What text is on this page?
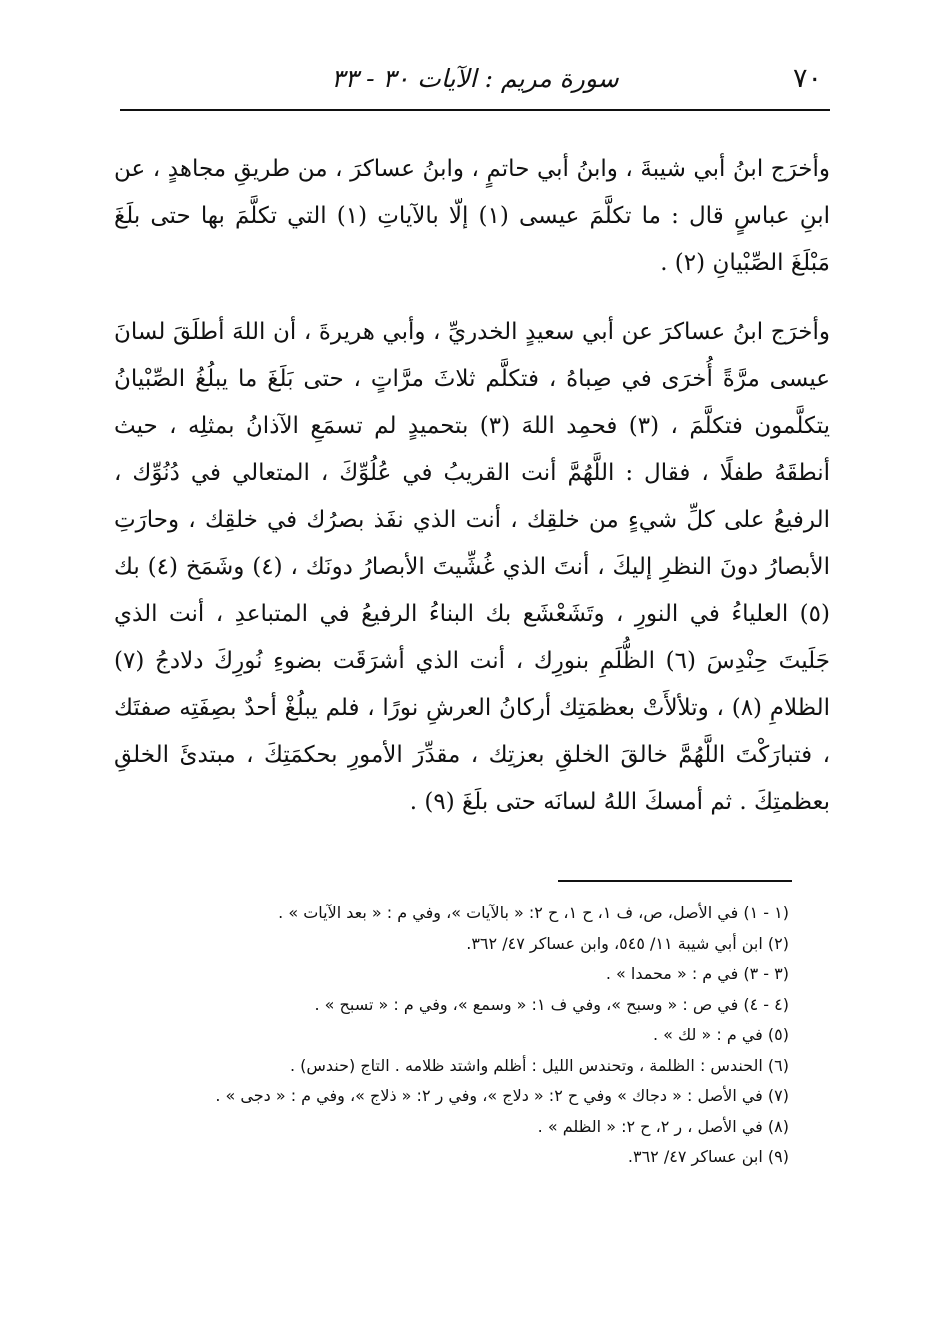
٧٠
سورة مريم : الآيات ٣٠ - ٣٣

وأخرَج ابنُ أبي شيبةَ ، وابنُ أبي حاتمٍ ، وابنُ عساكرَ ، من طريقِ مجاهدٍ ، عن ابنِ عباسٍ قال : ما تكلَّمَ عيسى (١) إلّا بالآياتِ (١) التي تكلَّمَ بها حتى بلَغَ مَبْلَغَ الصِّبْيانِ (٢) .

وأخرَج ابنُ عساكرَ عن أبي سعيدٍ الخدريِّ ، وأبي هريرةَ ، أن اللهَ أطلَقَ لسانَ عيسى مرَّةً أُخرَى في صِباهُ ، فتكلَّم ثلاثَ مرَّاتٍ ، حتى بَلَغَ ما يبلُغُ الصِّبْيانُ يتكلَّمون فتكلَّمَ ، (٣) فحمِد اللهَ (٣) بتحميدٍ لم تسمَعِ الآذانُ بمثلِه ، حيث أنطقَهُ طفلًا ، فقال : اللَّهُمَّ أنت القريبُ في عُلُوِّكَ ، المتعالي في دُنُوِّك ، الرفيعُ على كلِّ شيءٍ من خلقِك ، أنت الذي نفَذ بصرُك في خلقِك ، وحارَتِ الأبصارُ دونَ النظرِ إليكَ ، أنتَ الذي غُشِّيتَ الأبصارُ دونَك ، (٤) وشَمَخ (٤) بك (٥) العلياءُ في النورِ ، وتَشَعْشَع بك البناءُ الرفيعُ في المتباعدِ ، أنت الذي جَلَيتَ حِنْدِسَ (٦) الظُّلَمِ بنورِك ، أنت الذي أشرَقَت بضوءِ نُورِكَ دلادجُ (٧) الظلامِ (٨) ، وتلألأَتْ بعظمَتِك أركانُ العرشِ نورًا ، فلم يبلُغْ أحدٌ بصِفَتِه صفتَك ، فتبارَكْتَ اللَّهُمَّ خالقَ الخلقِ بعزتِك ، مقدِّرَ الأمورِ بحكمَتِكَ ، مبتدئَ الخلقِ بعظمتِكَ . ثم أمسكَ اللهُ لسانَه حتى بلَغَ (٩) .

(١ - ١) في الأصل، ص، ف ١، ح ١، ح ٢: « بالآيات »، وفي م : « بعد الآيات » .

(٢) ابن أبي شيبة ١١/ ٥٤٥، وابن عساكر ٤٧/ ٣٦٢.

(٣ - ٣) في م : « محمدا » .

(٤ - ٤) في ص : « وسبح »، وفي ف ١: « وسمع »، وفي م : « تسبح » .

(٥) في م : « لك » .

(٦) الحندس : الظلمة ، وتحندس الليل : أظلم واشتد ظلامه . التاج (حندس) .

(٧) في الأصل : « دجاك » وفي ح ٢: « دلاج »، وفي ر ٢: « ذلاج »، وفي م : « دجى » .

(٨) في الأصل ، ر ٢، ح ٢: « الظلم » .

(٩) ابن عساكر ٤٧/ ٣٦٢.
